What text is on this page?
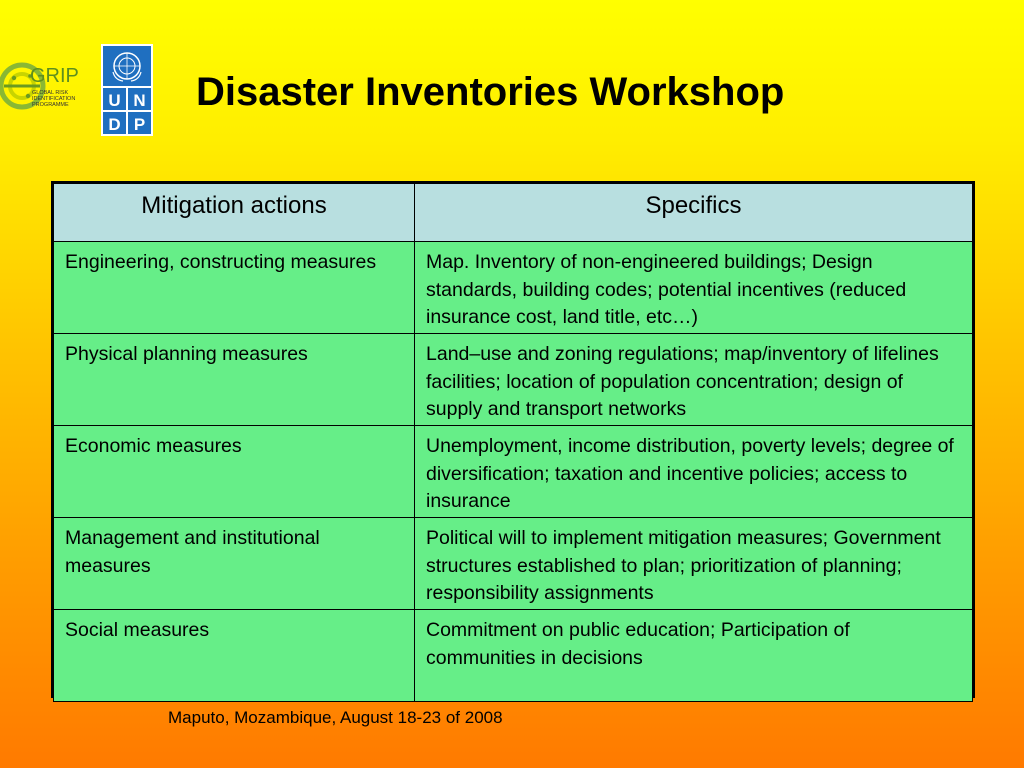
GRIP
GLOBAL RISK
IDENTIFICATION
PROGRAMME U N
D P
Disaster Inventories Workshop
Mitigation actions	Specifics
Engineering, constructing measures	Map. Inventory of non-engineered buildings; Design standards, building codes; potential incentives (reduced insurance cost, land title, etc…)
Physical planning measures	Land–use and zoning regulations; map/inventory of lifelines facilities; location of population concentration; design of supply and transport networks
Economic measures	Unemployment, income distribution, poverty levels; degree of diversification; taxation and incentive policies; access to insurance
Management and institutional measures	Political will to implement mitigation measures; Government structures established to plan; prioritization of planning; responsibility assignments
Social measures	Commitment on public education; Participation of communities in decisions
Maputo, Mozambique, August 18-23 of 2008
